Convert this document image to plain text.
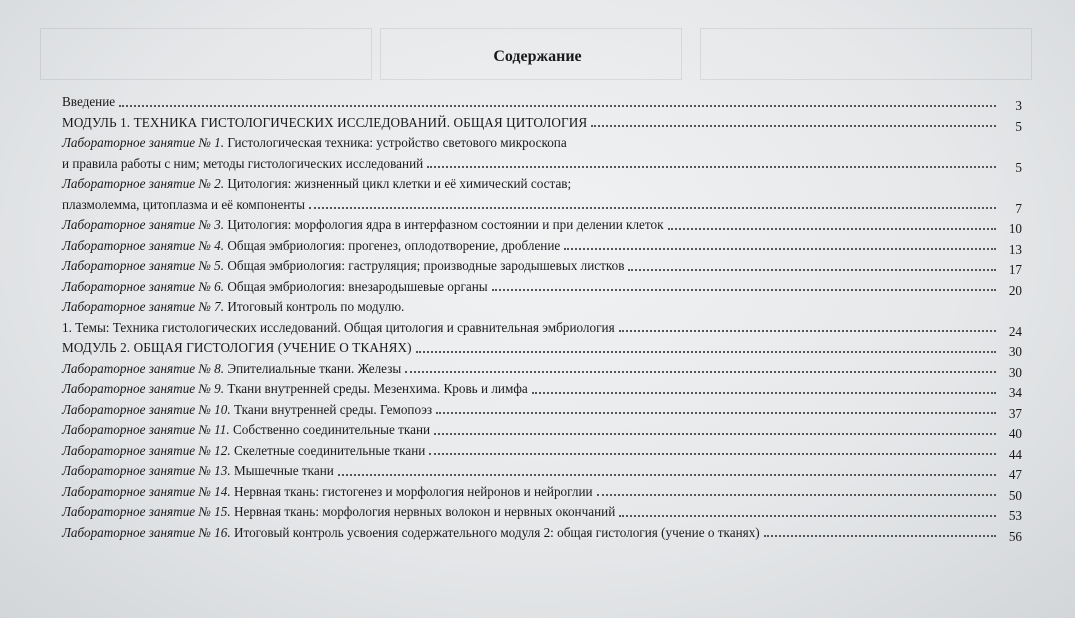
Содержание
Введение	3
МОДУЛЬ 1. ТЕХНИКА ГИСТОЛОГИЧЕСКИХ ИССЛЕДОВАНИЙ. ОБЩАЯ ЦИТОЛОГИЯ	5
Лабораторное занятие № 1. Гистологическая техника: устройство светового микроскопа
и правила работы с ним; методы гистологических исследований	5
Лабораторное занятие № 2. Цитология: жизненный цикл клетки и её химический состав;
плазмолемма, цитоплазма и её компоненты	7
Лабораторное занятие № 3. Цитология: морфология ядра в интерфазном состоянии и при делении клеток	10
Лабораторное занятие № 4. Общая эмбриология: прогенез, оплодотворение, дробление	13
Лабораторное занятие № 5. Общая эмбриология: гаструляция; производные зародышевых листков	17
Лабораторное занятие № 6. Общая эмбриология: внезародышевые органы	20
Лабораторное занятие № 7. Итоговый контроль по модулю.
1. Темы: Техника гистологических исследований. Общая цитология и сравнительная эмбриология	24
МОДУЛЬ 2. ОБЩАЯ ГИСТОЛОГИЯ (УЧЕНИЕ О ТКАНЯХ)	30
Лабораторное занятие № 8. Эпителиальные ткани. Железы	30
Лабораторное занятие № 9. Ткани внутренней среды. Мезенхима. Кровь и лимфа	34
Лабораторное занятие № 10. Ткани внутренней среды. Гемопоэз	37
Лабораторное занятие № 11. Собственно соединительные ткани	40
Лабораторное занятие № 12. Скелетные соединительные ткани	44
Лабораторное занятие № 13. Мышечные ткани	47
Лабораторное занятие № 14. Нервная ткань: гистогенез и морфология нейронов и нейроглии	50
Лабораторное занятие № 15. Нервная ткань: морфология нервных волокон и нервных окончаний	53
Лабораторное занятие № 16. Итоговый контроль усвоения содержательного модуля 2: общая гистология (учение о тканях)	56
